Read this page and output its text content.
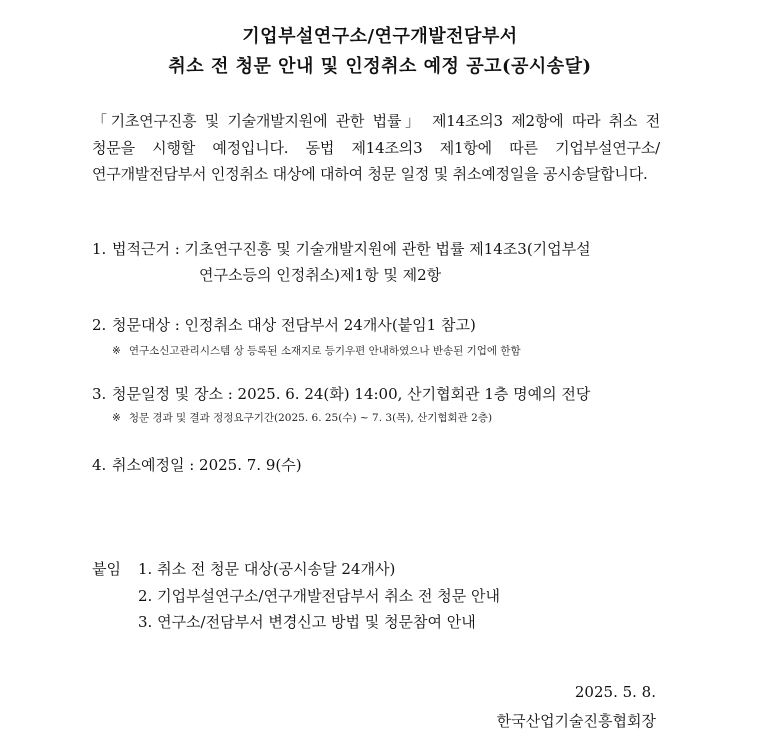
기업부설연구소/연구개발전담부서
취소 전 청문 안내 및 인정취소 예정 공고(공시송달)
「기초연구진흥 및 기술개발지원에 관한 법률」 제14조의3 제2항에 따라 취소 전 청문을 시행할 예정입니다. 동법 제14조의3 제1항에 따른 기업부설연구소/연구개발전담부서 인정취소 대상에 대하여 청문 일정 및 취소예정일을 공시송달합니다.
1. 법적근거 : 기초연구진흥 및 기술개발지원에 관한 법률 제14조3(기업부설
연구소등의 인정취소)제1항 및 제2항
2. 청문대상 : 인정취소 대상 전담부서 24개사(붙임1 참고)
※ 연구소신고관리시스템 상 등록된 소재지로 등기우편 안내하였으나 반송된 기업에 한함
3. 청문일정 및 장소 : 2025. 6. 24(화) 14:00, 산기협회관 1층 명예의 전당
※ 청문 경과 및 결과 정정요구기간(2025. 6. 25(수) ~ 7. 3(목), 산기협회관 2층)
4. 취소예정일 : 2025. 7. 9(수)
붙임 1. 취소 전 청문 대상(공시송달 24개사)
2. 기업부설연구소/연구개발전담부서 취소 전 청문 안내
3. 연구소/전담부서 변경신고 방법 및 청문참여 안내
2025. 5. 8.
한국산업기술진흥협회장
